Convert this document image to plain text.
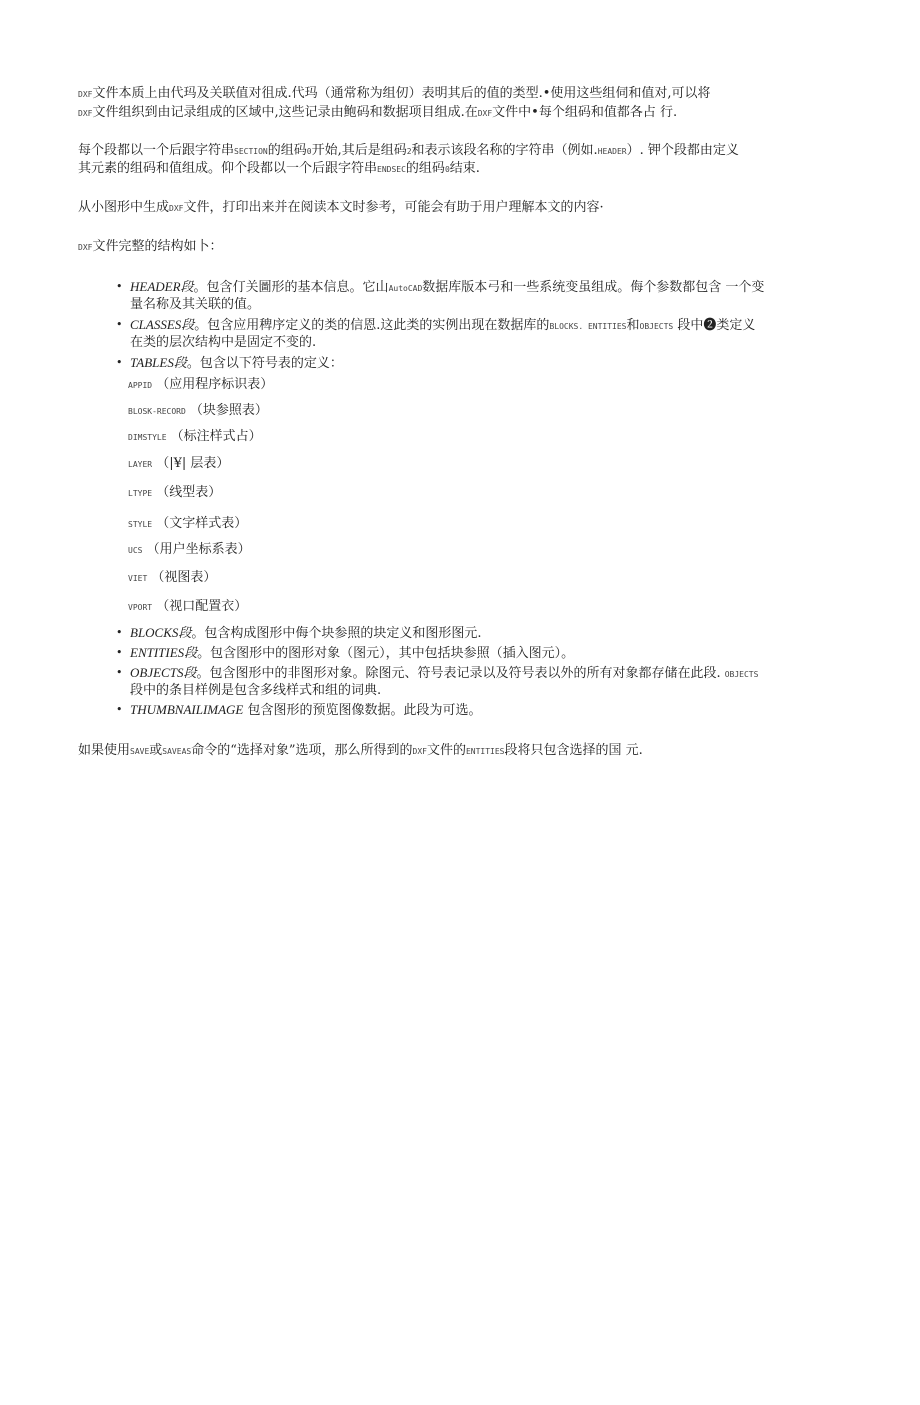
DXF文件本质上由代玛及关联值对徂成.代玛（通常称为组仞）表明其后的值的类型.•使用这些组伺和值对,可以将
DXF文件组织到由记录组成的区域中,这些记录由鲍码和数据项目组成.在DXF文件中•每个组码和值都各占 行.
每个段都以一个后跟字符串SECTION的组码0开始,其后是组码2和表示该段名称的字符串（例如.HEADER）. 钾个段都由定义
其元素的组码和值组成。仰个段都以一个后跟字符串ENDSEC的组码0结束.
从小图形中生成DXF文件，打印出来并在阅读本文时参考，可能会有助于用户理解本文的内容·
DXF文件完整的结构如卜：
• HEADER段。包含仃关圖形的基本信息。它山AutoCAD数据库版本弓和一些系统变虽组成。侮个参数都包含 一个变
量名称及其关联的值。
• CLASSES段。包含应用稗序定义的类的信恩.这此类的实例出现在数据库的BLOCKS. ENTITIES和OBJECTS 段中❷类定义
在类的层次结构中是固定不变的.
• TABLES段。包含以下符号表的定义：
APPID （应用程序标识表）
BLOSK-RECORD （块参照表）
DIMSTYLE （标注样式占）
LAYER （|¥| 层表）
LTYPE （线型表）
STYLE （文字样式表）
UCS （用户坐标系表）
VIET （视图表）
VPORT （视口配置衣）
• BLOCKS段。包含构成图形中侮个块参照的块定义和图形图元.
• ENTITIES段。包含图形中的图形对象（图元），其中包括块参照（插入图元）。
• OBJECTS段。包含图形中的非图形对象。除图元、符号表记录以及符号表以外的所有对象都存储在此段. OBJECTS
段中的条目样例是包含多线样式和组的词典.
• THUMBNAILIMAGE 包含图形的预览图像数据。此段为可选。
如果使用SAVE或SAVEAS命令的“选择对象”选项，那么所得到的DXF文件的ENTITIES段将只包含选择的国 元.
